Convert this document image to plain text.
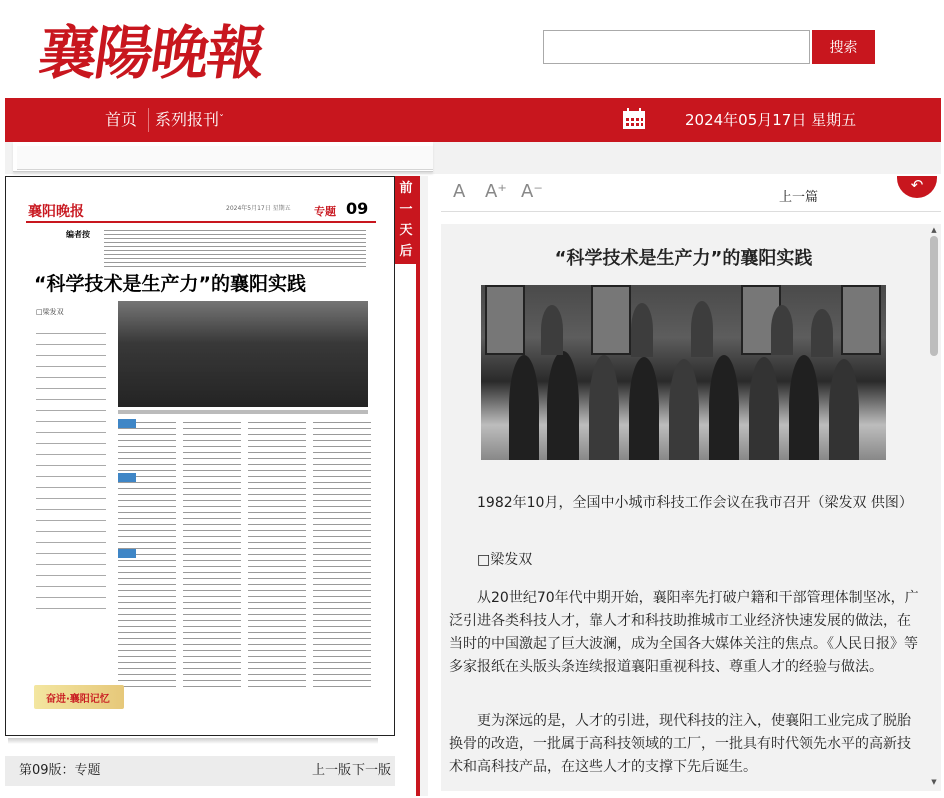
襄陽晚報	搜索
首页 系列报刊$^ˇ$	2024年05月17日 星期五
襄阳晚报	2024年5月17日 星期五 专题 09
编者按
“科学技术是生产力”的襄阳实践
□梁发双
奋进·襄阳记忆
第09版：专题	上一版 下一版
前
一
天
后
一
天
A A⁺ A⁻	上一篇
↶
“科学技术是生产力”的襄阳实践

1982年10月，全国中小城市科技工作会议在我市召开（梁发双 供图）

□梁发双

从20世纪70年代中期开始，襄阳率先打破户籍和干部管理体制坚冰，广泛引进各类科技人才，靠人才和科技助推城市工业经济快速发展的做法，在当时的中国激起了巨大波澜，成为全国各大媒体关注的焦点。《人民日报》等多家报纸在头版头条连续报道襄阳重视科技、尊重人才的经验与做法。

更为深远的是，人才的引进，现代科技的注入，使襄阳工业完成了脱胎换骨的改造，一批属于高科技领域的工厂，一批具有时代领先水平的高新技术和高科技产品，在这些人才的支撑下先后诞生。

▲
▼
